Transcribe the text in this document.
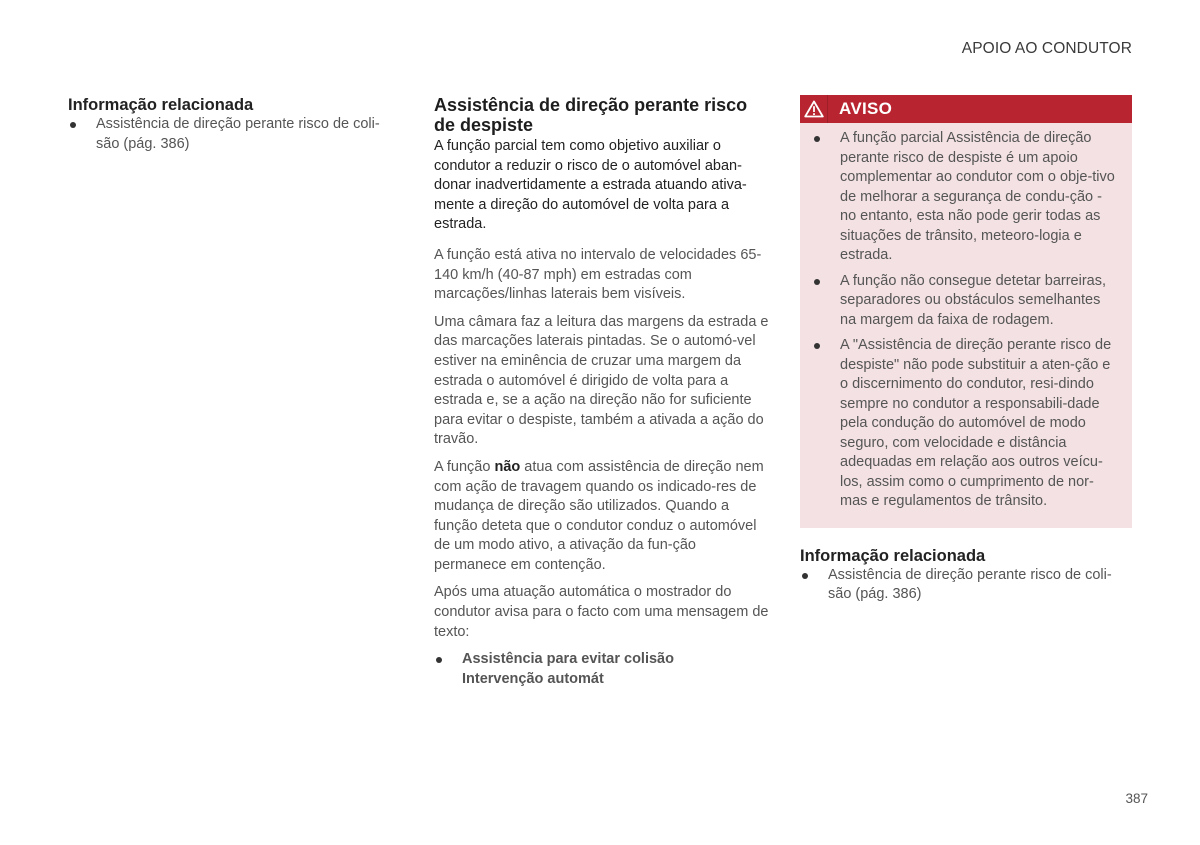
APOIO AO CONDUTOR
Informação relacionada
Assistência de direção perante risco de coli-são (pág. 386)
Assistência de direção perante risco de despiste

A função parcial tem como objetivo auxiliar o condutor a reduzir o risco de o automóvel aban-donar inadvertidamente a estrada atuando ativa-mente a direção do automóvel de volta para a estrada.

A função está ativa no intervalo de velocidades 65-140 km/h (40-87 mph) em estradas com marcações/linhas laterais bem visíveis.

Uma câmara faz a leitura das margens da estrada e das marcações laterais pintadas. Se o automó-vel estiver na eminência de cruzar uma margem da estrada o automóvel é dirigido de volta para a estrada e, se a ação na direção não for suficiente para evitar o despiste, também a ativada a ação do travão.

A função não atua com assistência de direção nem com ação de travagem quando os indicado-res de mudança de direção são utilizados. Quando a função deteta que o condutor conduz o automóvel de um modo ativo, a ativação da fun-ção permanece em contenção.

Após uma atuação automática o mostrador do condutor avisa para o facto com uma mensagem de texto:

Assistência para evitar colisão
Intervenção automát
AVISO
A função parcial Assistência de direção perante risco de despiste é um apoio complementar ao condutor com o obje-tivo de melhorar a segurança de condu-ção - no entanto, esta não pode gerir todas as situações de trânsito, meteoro-logia e estrada.
A função não consegue detetar barreiras, separadores ou obstáculos semelhantes na margem da faixa de rodagem.
A "Assistência de direção perante risco de despiste" não pode substituir a aten-ção e o discernimento do condutor, resi-dindo sempre no condutor a responsabili-dade pela condução do automóvel de modo seguro, com velocidade e distância adequadas em relação aos outros veícu-los, assim como o cumprimento de nor-mas e regulamentos de trânsito.
Informação relacionada
Assistência de direção perante risco de coli-são (pág. 386)
387
